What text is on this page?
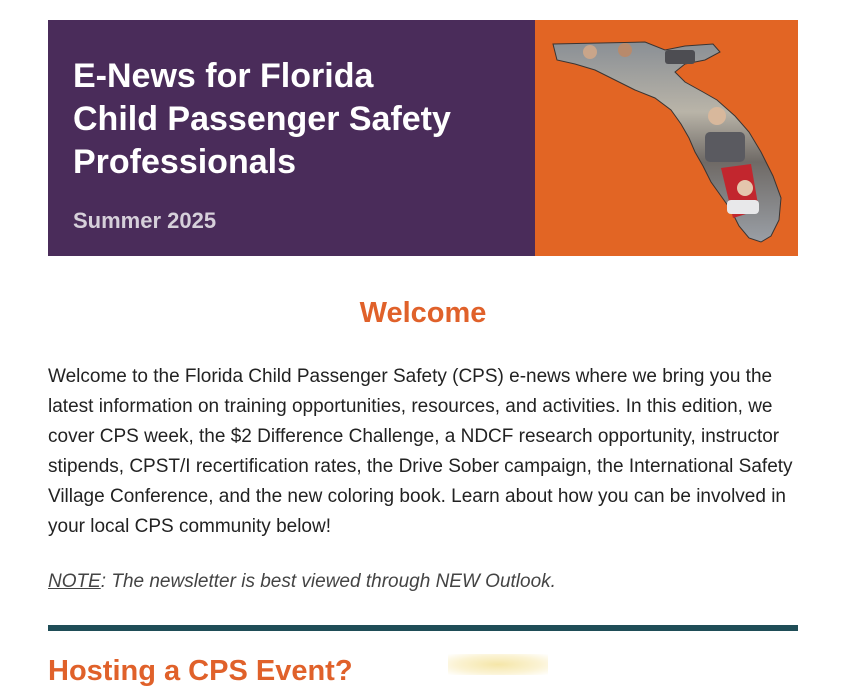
E-News for Florida
Child Passenger Safety
Professionals
Summer 2025
Welcome

Welcome to the Florida Child Passenger Safety (CPS) e-news where we bring you the latest information on training opportunities, resources, and activities. In this edition, we cover CPS week, the $2 Difference Challenge, a NDCF research opportunity, instructor stipends, CPST/I recertification rates, the Drive Sober campaign, the International Safety Village Conference, and the new coloring book. Learn about how you can be involved in your local CPS community below!

NOTE: The newsletter is best viewed through NEW Outlook.

Hosting a CPS Event?
